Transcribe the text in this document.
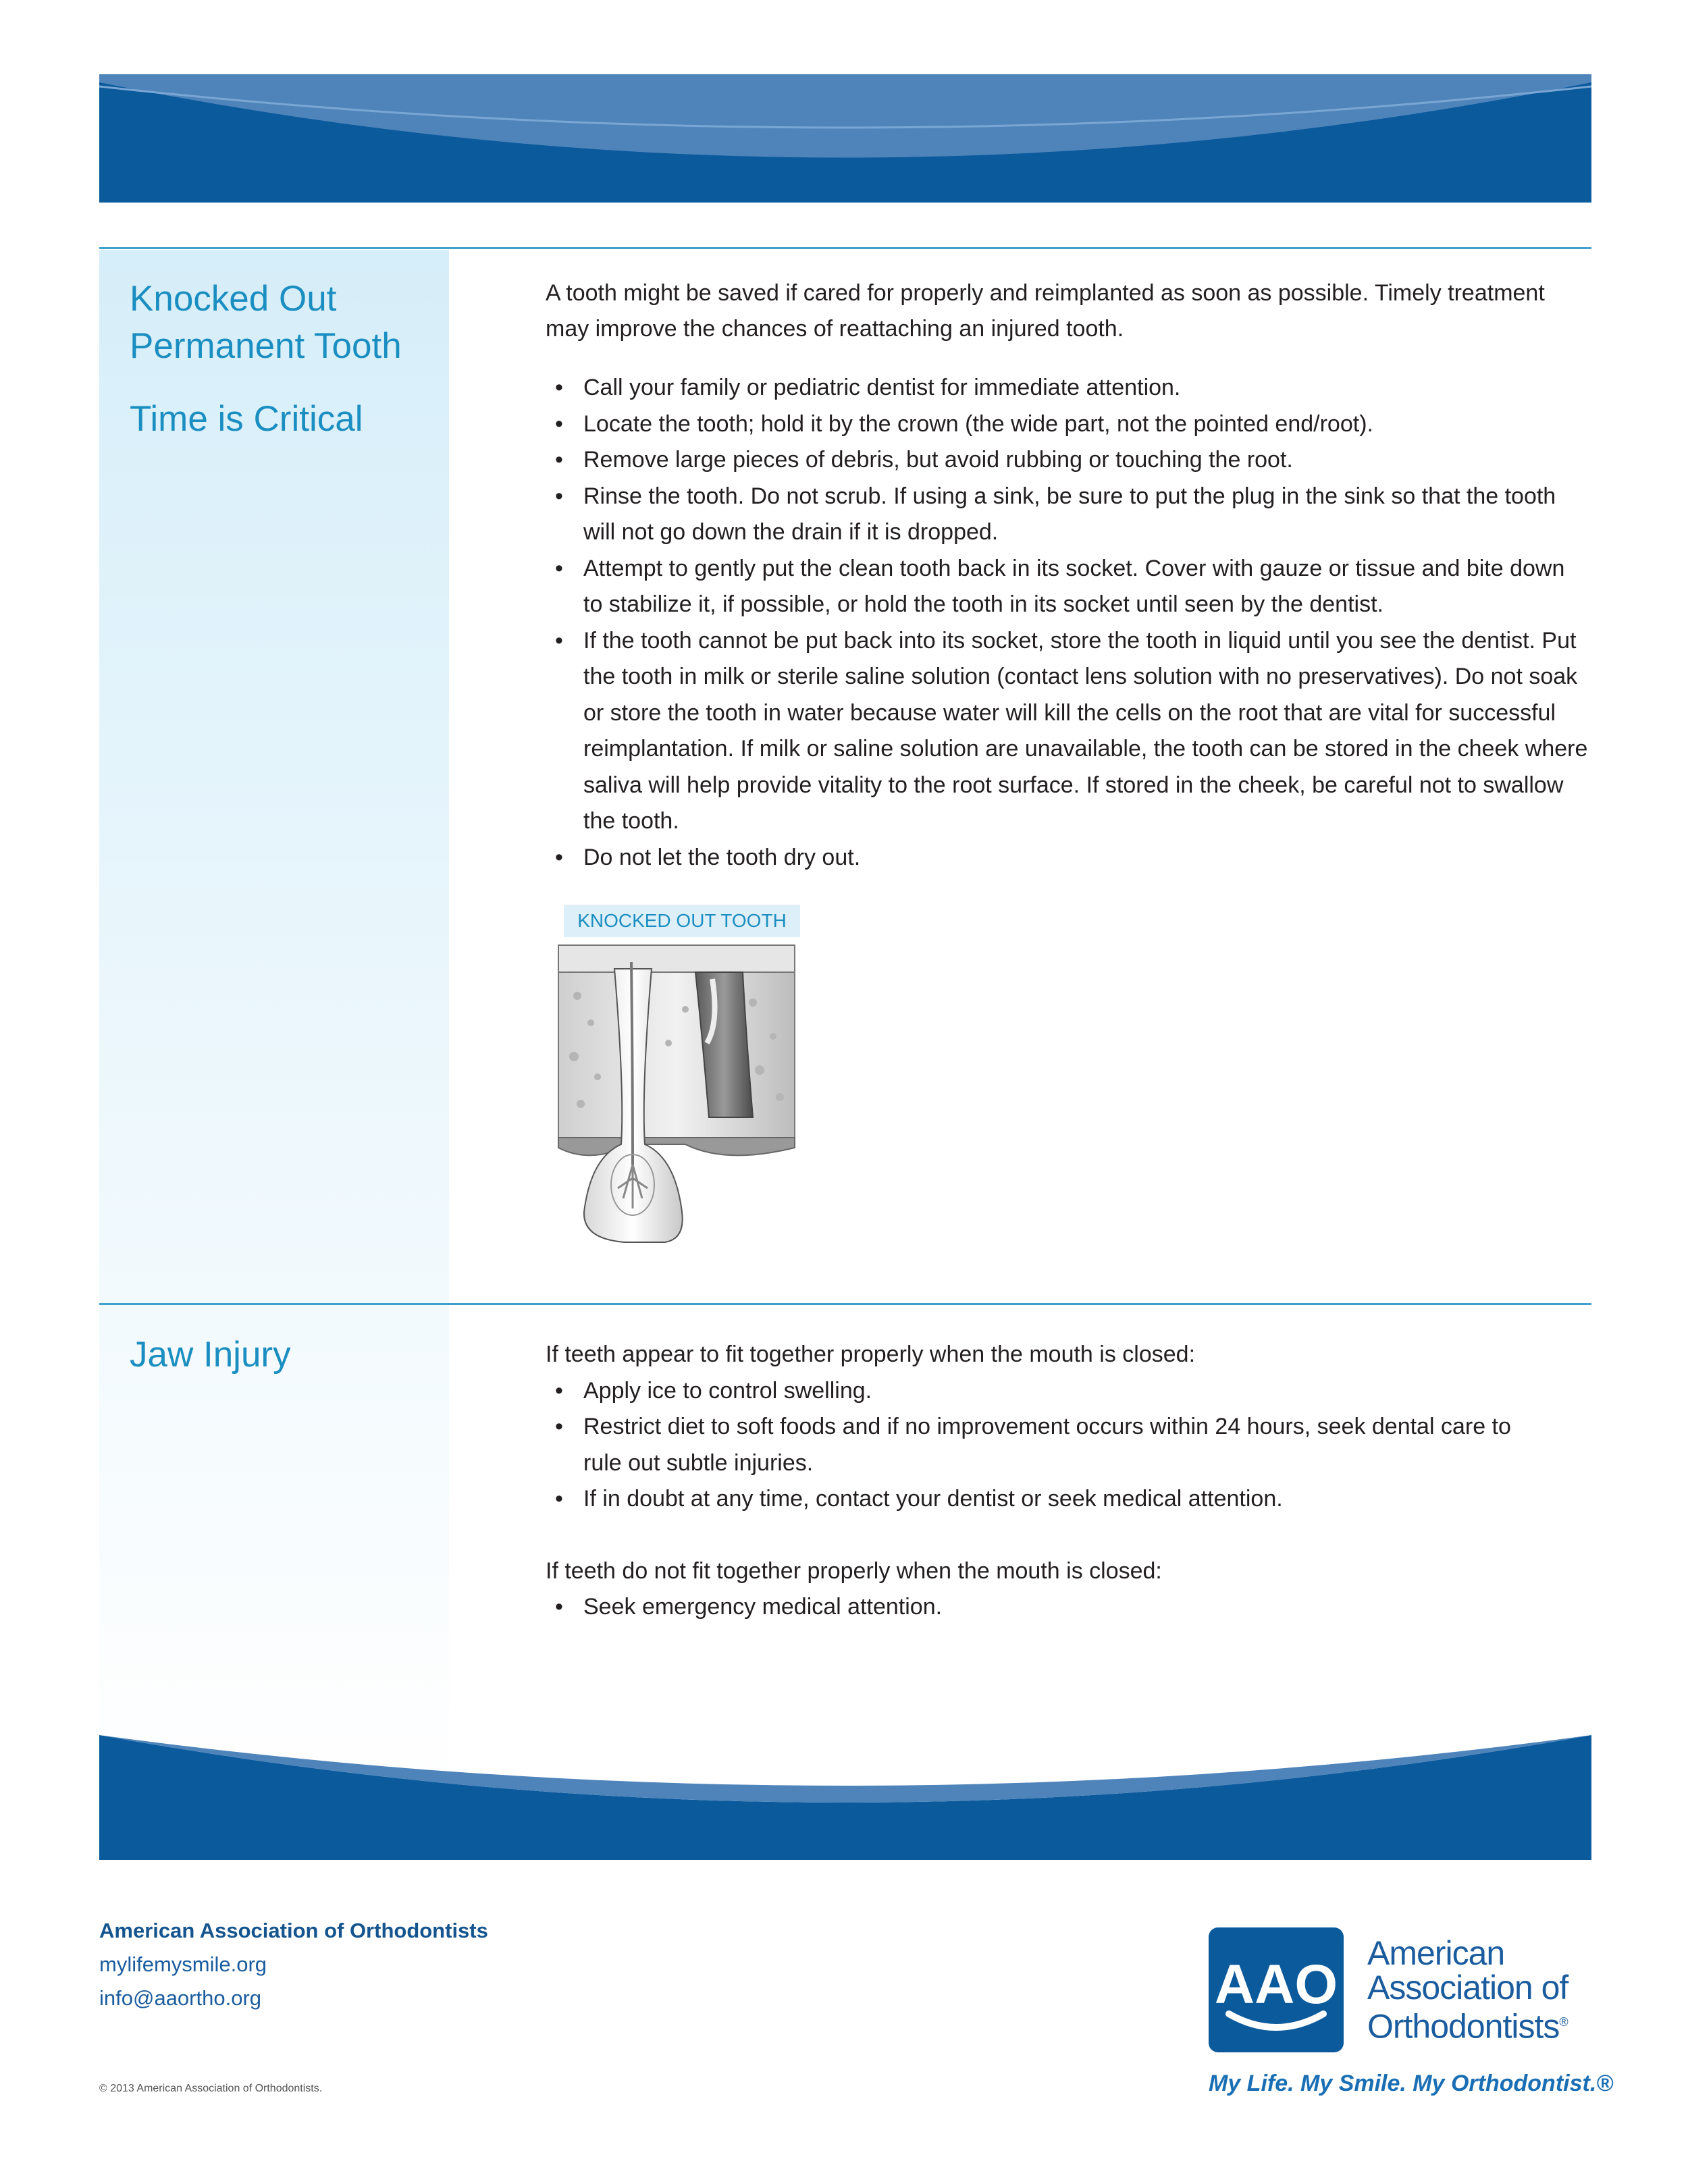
Knocked Out
Permanent Tooth
Time is Critical
A tooth might be saved if cared for properly and reimplanted as soon as possible. Timely treatment may improve the chances of reattaching an injured tooth.
• Call your family or pediatric dentist for immediate attention.
• Locate the tooth; hold it by the crown (the wide part, not the pointed end/root).
• Remove large pieces of debris, but avoid rubbing or touching the root.
• Rinse the tooth. Do not scrub. If using a sink, be sure to put the plug in the sink so that the tooth will not go down the drain if it is dropped.
• Attempt to gently put the clean tooth back in its socket. Cover with gauze or tissue and bite down to stabilize it, if possible, or hold the tooth in its socket until seen by the dentist.
• If the tooth cannot be put back into its socket, store the tooth in liquid until you see the dentist. Put the tooth in milk or sterile saline solution (contact lens solution with no preservatives). Do not soak or store the tooth in water because water will kill the cells on the root that are vital for successful reimplantation. If milk or saline solution are unavailable, the tooth can be stored in the cheek where saliva will help provide vitality to the root surface. If stored in the cheek, be careful not to swallow the tooth.
• Do not let the tooth dry out.
KNOCKED OUT TOOTH
Jaw Injury	If teeth appear to fit together properly when the mouth is closed:
• Apply ice to control swelling.
• Restrict diet to soft foods and if no improvement occurs within 24 hours, seek dental care to rule out subtle injuries.
• If in doubt at any time, contact your dentist or seek medical attention.
If teeth do not fit together properly when the mouth is closed:
• Seek emergency medical attention.
American Association of Orthodontists
mylifemysmile.org
info@aaortho.org
© 2013 American Association of Orthodontists.
AAO
American
Association of
Orthodontists®
My Life. My Smile. My Orthodontist.®
